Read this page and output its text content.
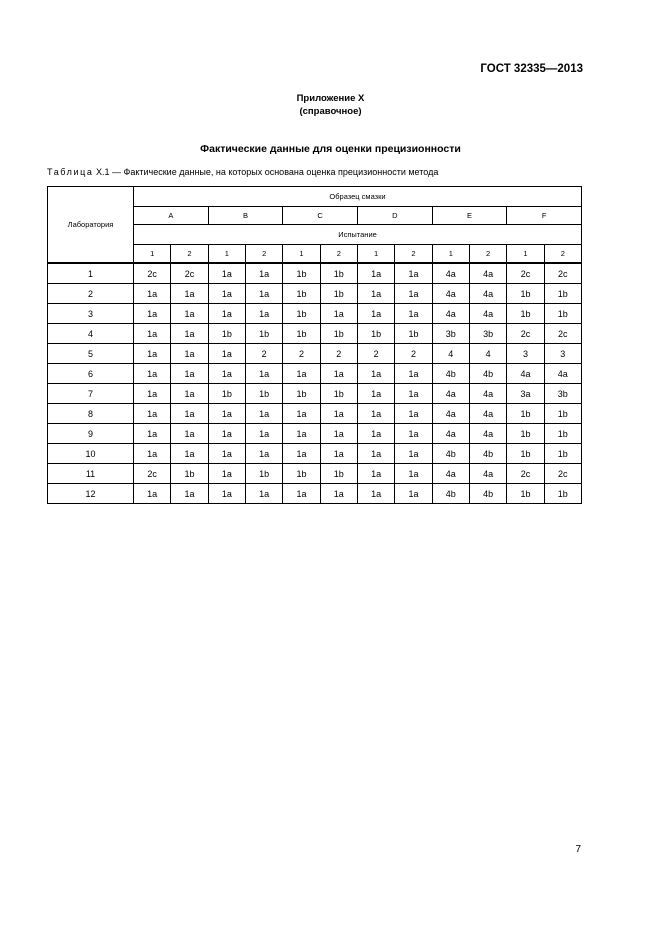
ГОСТ 32335—2013
Приложение Х
(справочное)
Фактические данные для оценки прецизионности
Таблица Х.1 — Фактические данные, на которых основана оценка прецизионности метода
Лаборатория	Образец смазки											
	A		B		C		D		E		F	
	Испытание											
	1	2	1	2	1	2	1	2	1	2	1	2
1	2c	2c	1a	1a	1b	1b	1a	1a	4a	4a	2c	2c
2	1a	1a	1a	1a	1b	1b	1a	1a	4a	4a	1b	1b
3	1a	1a	1a	1a	1b	1a	1a	1a	4a	4a	1b	1b
4	1a	1a	1b	1b	1b	1b	1b	1b	3b	3b	2c	2c
5	1a	1a	1a	2	2	2	2	2	4	4	3	3
6	1a	1a	1a	1a	1a	1a	1a	1a	4b	4b	4a	4a
7	1a	1a	1b	1b	1b	1b	1a	1a	4a	4a	3a	3b
8	1a	1a	1a	1a	1a	1a	1a	1a	4a	4a	1b	1b
9	1a	1a	1a	1a	1a	1a	1a	1a	4a	4a	1b	1b
10	1a	1a	1a	1a	1a	1a	1a	1a	4b	4b	1b	1b
11	2c	1b	1a	1b	1b	1b	1a	1a	4a	4a	2c	2c
12	1a	1a	1a	1a	1a	1a	1a	1a	4b	4b	1b	1b
7
